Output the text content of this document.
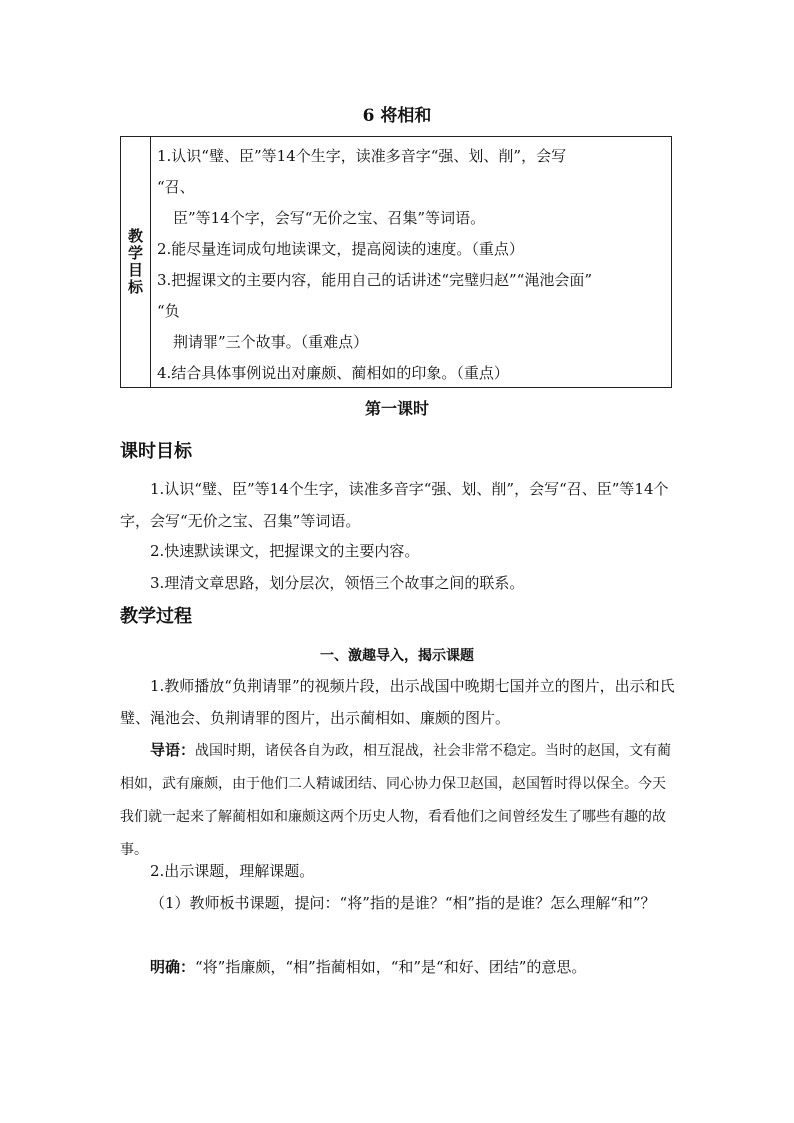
6 将相和
教学目标
1.认识“璧、臣”等14个生字，读准多音字“强、划、削”，会写
“召、
臣”等14个字，会写“无价之宝、召集”等词语。
2.能尽量连词成句地读课文，提高阅读的速度。（重点）
3.把握课文的主要内容，能用自己的话讲述“完璧归赵”“渑池会面”
“负
荆请罪”三个故事。（重难点）
4.结合具体事例说出对廉颇、蔺相如的印象。（重点）
第一课时
课时目标
1.认识“璧、臣”等14个生字，读准多音字“强、划、削”，会写“召、臣”等14个字，会写“无价之宝、召集”等词语。
2.快速默读课文，把握课文的主要内容。
3.理清文章思路，划分层次，领悟三个故事之间的联系。
教学过程
一、激趣导入，揭示课题
1.教师播放“负荆请罪”的视频片段，出示战国中晚期七国并立的图片，出示和氏璧、渑池会、负荆请罪的图片，出示蔺相如、廉颇的图片。
导语：战国时期，诸侯各自为政，相互混战，社会非常不稳定。当时的赵国，文有蔺相如，武有廉颇，由于他们二人精诚团结、同心协力保卫赵国，赵国暂时得以保全。今天我们就一起来了解蔺相如和廉颇这两个历史人物，看看他们之间曾经发生了哪些有趣的故事。
2.出示课题，理解课题。
（1）教师板书课题，提问：“将”指的是谁？“相”指的是谁？怎么理解“和”？
明确：“将”指廉颇，“相”指蔺相如，“和”是“和好、团结”的意思。
